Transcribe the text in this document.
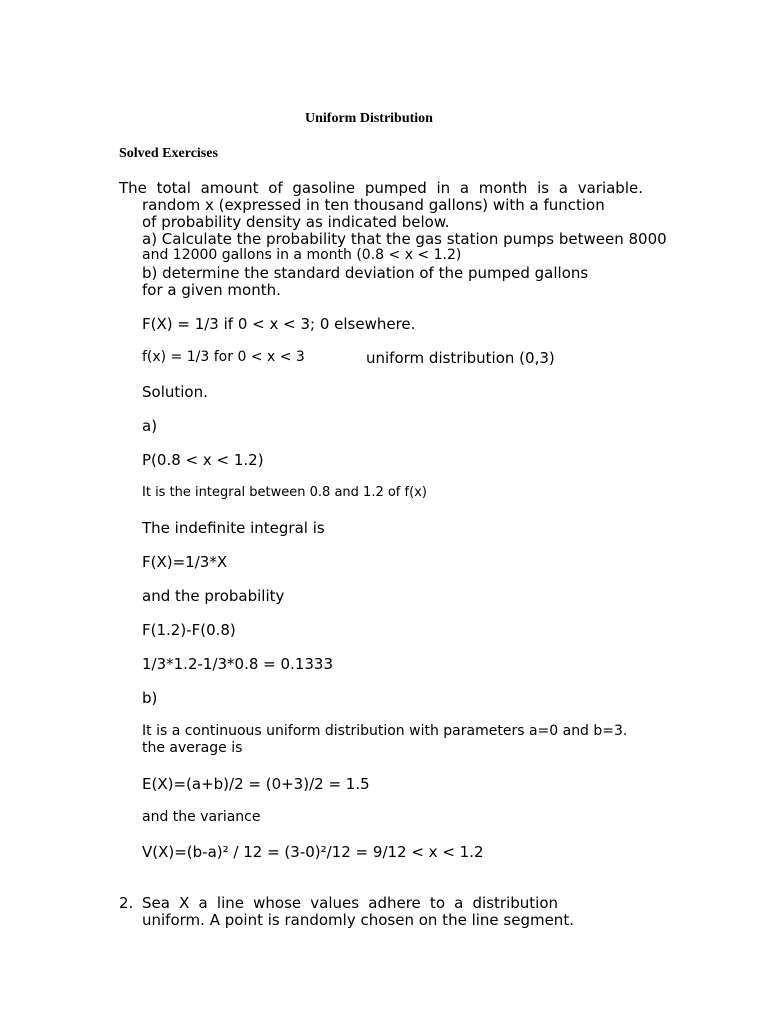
Uniform Distribution
Solved Exercises
The total amount of gasoline pumped in a month is a variable.
random x (expressed in ten thousand gallons) with a function
of probability density as indicated below.
a) Calculate the probability that the gas station pumps between 8000
and 12000 gallons in a month (0.8 < x < 1.2)
b) determine the standard deviation of the pumped gallons
for a given month.
F(X) = 1/3 if 0 < x < 3; 0 elsewhere.
f(x) = 1/3 for 0 < x < 3	uniform distribution (0,3)
Solution.
a)
P(0.8 < x < 1.2)
It is the integral between 0.8 and 1.2 of f(x)
The indefinite integral is
F(X)=1/3*X
and the probability
F(1.2)-F(0.8)
1/3*1.2-1/3*0.8 = 0.1333
b)
It is a continuous uniform distribution with parameters a=0 and b=3.
the average is
E(X)=(a+b)/2 = (0+3)/2 = 1.5
and the variance
V(X)=(b-a)² / 12 = (3-0)²/12 = 9/12 < x < 1.2
2. Sea X a line whose values adhere to a distribution
uniform. A point is randomly chosen on the line segment.
